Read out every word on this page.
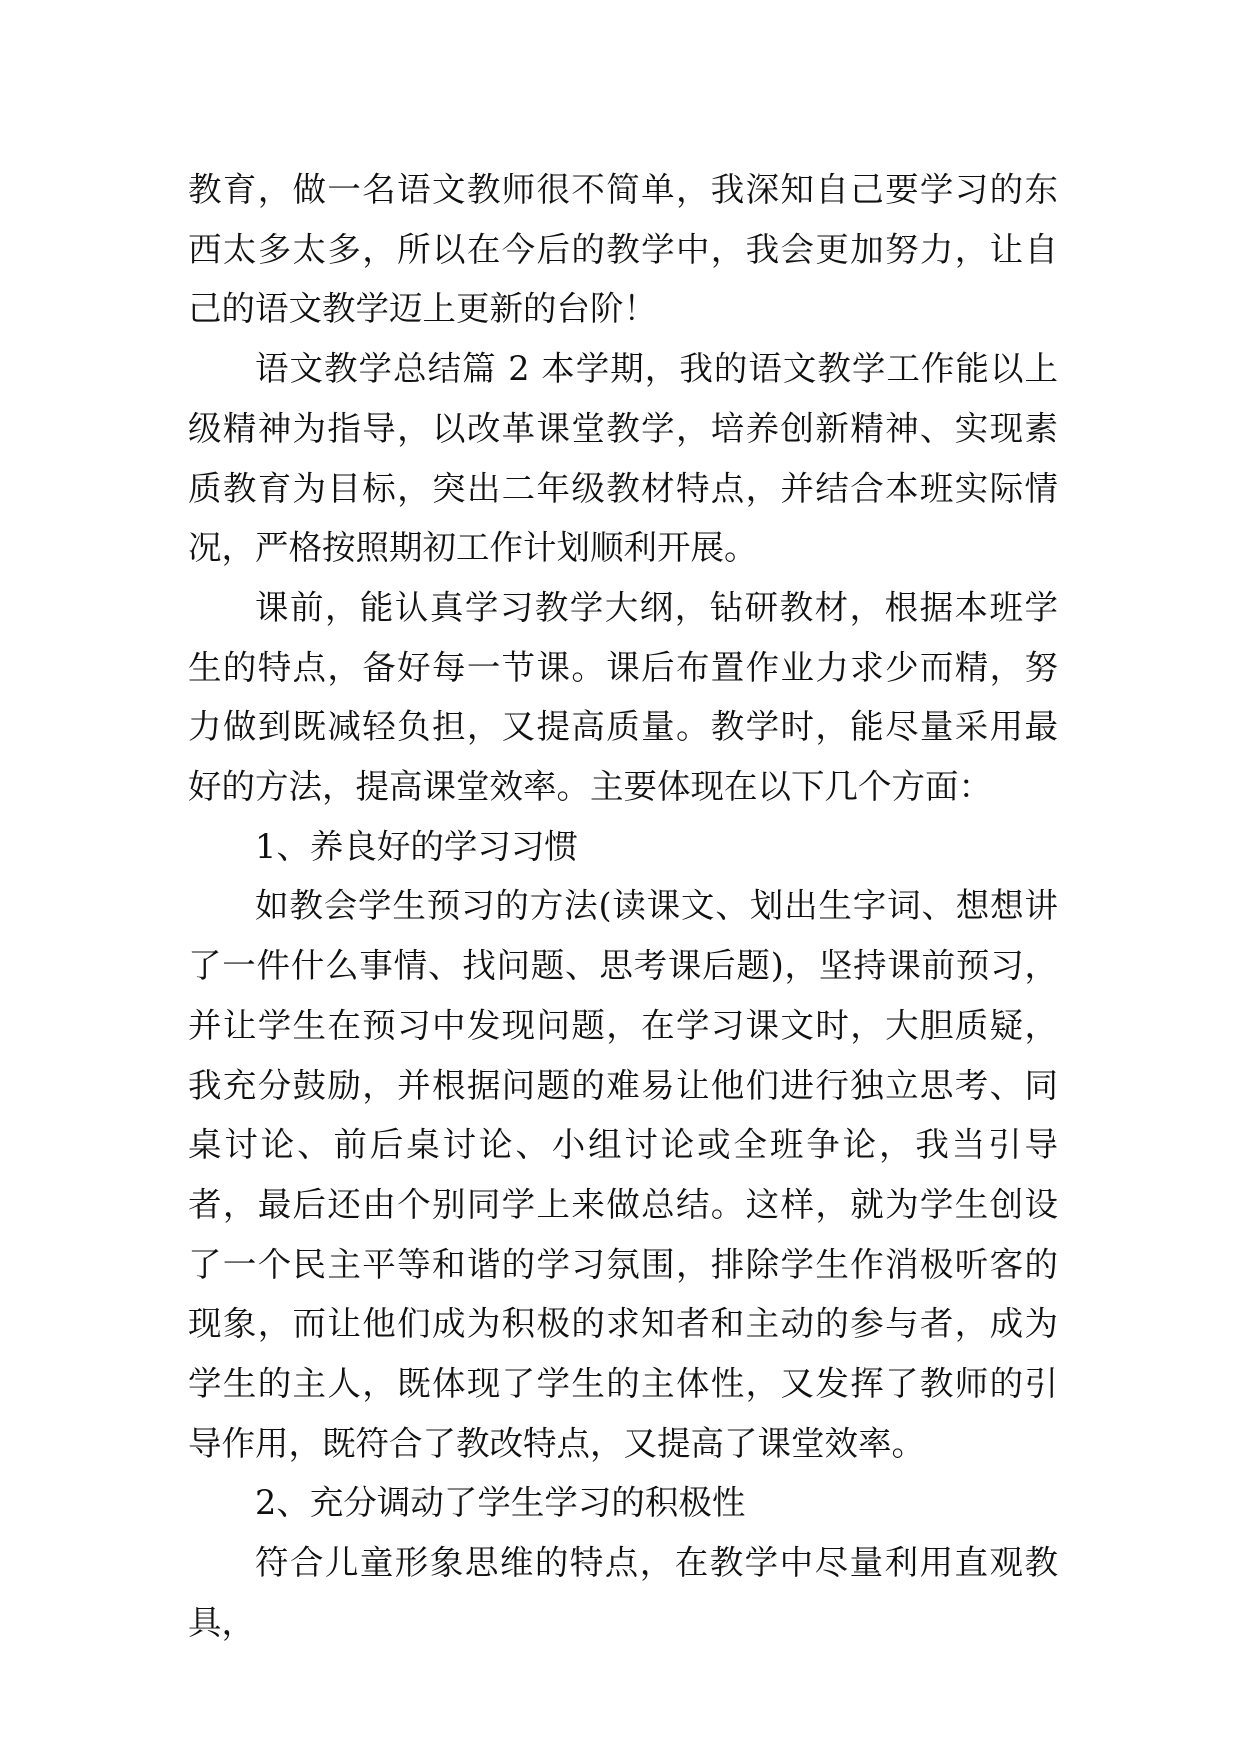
教育，做一名语文教师很不简单，我深知自己要学习的东西太多太多，所以在今后的教学中，我会更加努力，让自己的语文教学迈上更新的台阶！

语文教学总结篇 2 本学期，我的语文教学工作能以上级精神为指导，以改革课堂教学，培养创新精神、实现素质教育为目标，突出二年级教材特点，并结合本班实际情况，严格按照期初工作计划顺利开展。

课前，能认真学习教学大纲，钻研教材，根据本班学生的特点，备好每一节课。课后布置作业力求少而精，努力做到既减轻负担，又提高质量。教学时，能尽量采用最好的方法，提高课堂效率。主要体现在以下几个方面：

1、养良好的学习习惯

如教会学生预习的方法(读课文、划出生字词、想想讲了一件什么事情、找问题、思考课后题)，坚持课前预习，并让学生在预习中发现问题，在学习课文时，大胆质疑，我充分鼓励，并根据问题的难易让他们进行独立思考、同桌讨论、前后桌讨论、小组讨论或全班争论，我当引导者，最后还由个别同学上来做总结。这样，就为学生创设了一个民主平等和谐的学习氛围，排除学生作消极听客的现象，而让他们成为积极的求知者和主动的参与者，成为学生的主人，既体现了学生的主体性，又发挥了教师的引导作用，既符合了教改特点，又提高了课堂效率。

2、充分调动了学生学习的积极性

符合儿童形象思维的特点，在教学中尽量利用直观教具，
